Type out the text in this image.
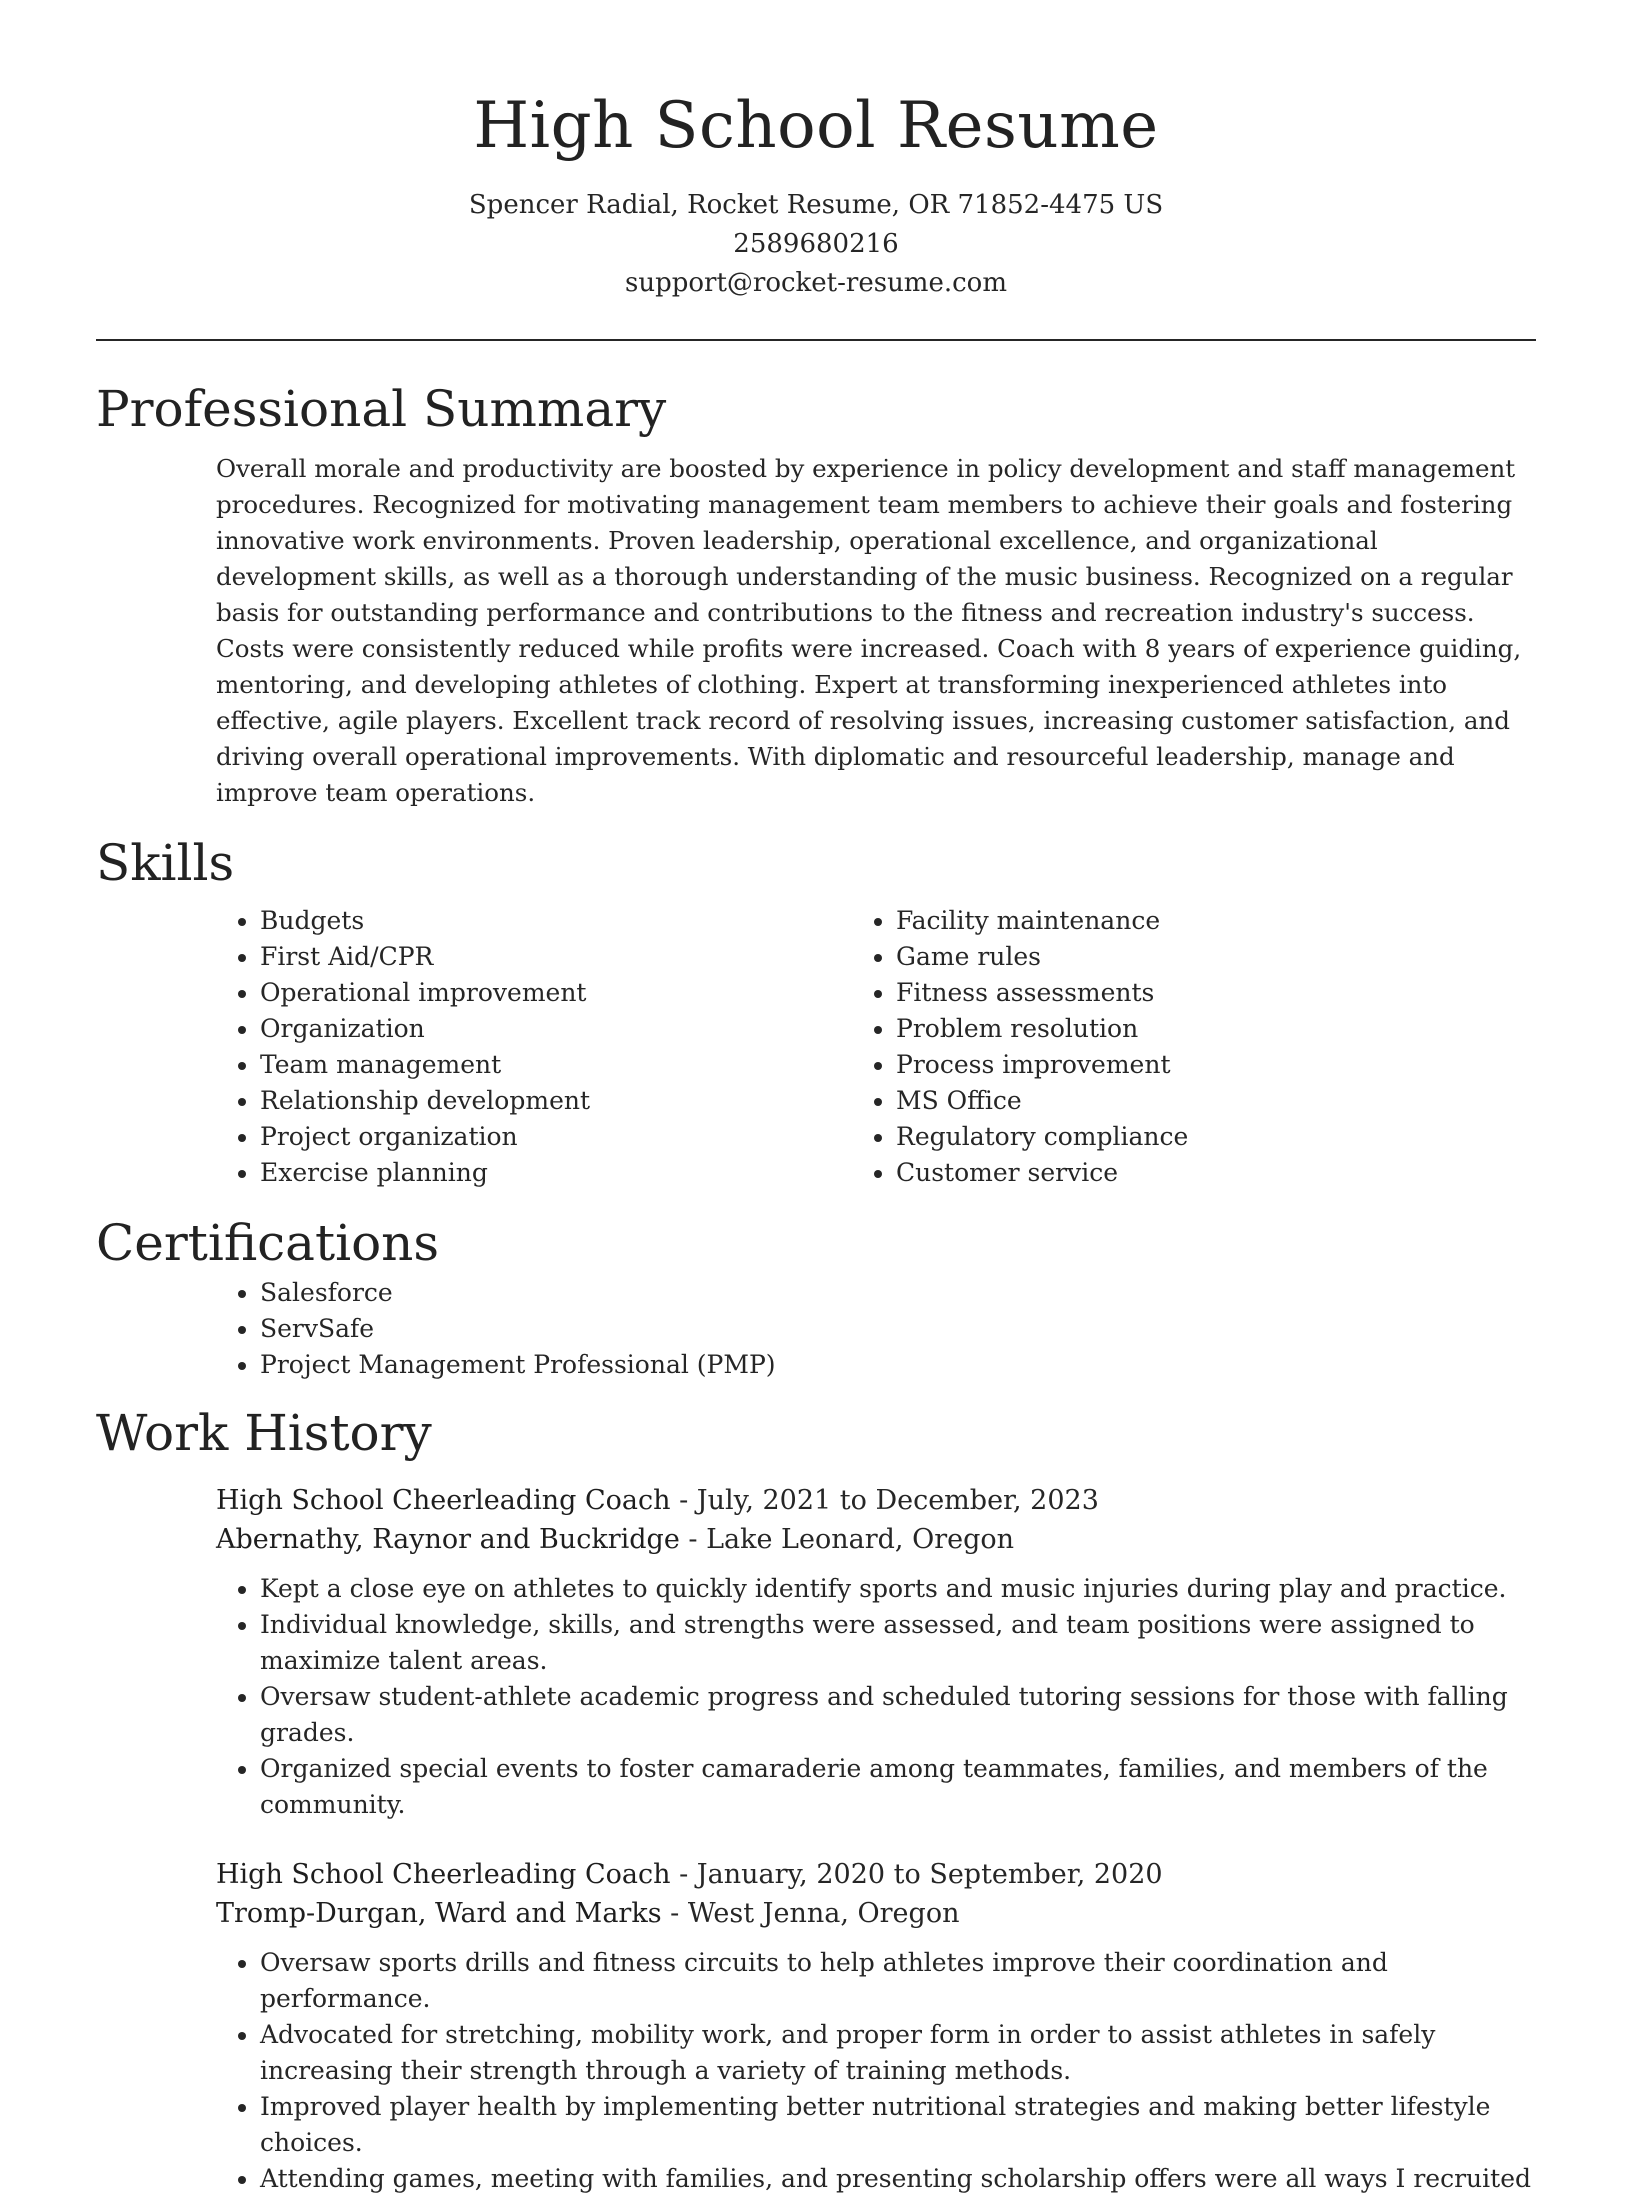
High School Resume
Spencer Radial, Rocket Resume, OR 71852-4475 US
2589680216
support@rocket-resume.com
Professional Summary

Overall morale and productivity are boosted by experience in policy development and staff management procedures. Recognized for motivating management team members to achieve their goals and fostering innovative work environments. Proven leadership, operational excellence, and organizational development skills, as well as a thorough understanding of the music business. Recognized on a regular basis for outstanding performance and contributions to the fitness and recreation industry's success. Costs were consistently reduced while profits were increased. Coach with 8 years of experience guiding, mentoring, and developing athletes of clothing. Expert at transforming inexperienced athletes into effective, agile players. Excellent track record of resolving issues, increasing customer satisfaction, and driving overall operational improvements. With diplomatic and resourceful leadership, manage and improve team operations.

Skills
• Budgets
• First Aid/CPR
• Operational improvement
• Organization
• Team management
• Relationship development
• Project organization
• Exercise planning
• Facility maintenance
• Game rules
• Fitness assessments
• Problem resolution
• Process improvement
• MS Office
• Regulatory compliance
• Customer service
Certifications
• Salesforce
• ServSafe
• Project Management Professional (PMP)
Work History
High School Cheerleading Coach - July, 2021 to December, 2023
Abernathy, Raynor and Buckridge - Lake Leonard, Oregon
• Kept a close eye on athletes to quickly identify sports and music injuries during play and practice.
• Individual knowledge, skills, and strengths were assessed, and team positions were assigned to maximize talent areas.
• Oversaw student-athlete academic progress and scheduled tutoring sessions for those with falling grades.
• Organized special events to foster camaraderie among teammates, families, and members of the community.
High School Cheerleading Coach - January, 2020 to September, 2020
Tromp-Durgan, Ward and Marks - West Jenna, Oregon
• Oversaw sports drills and fitness circuits to help athletes improve their coordination and performance.
• Advocated for stretching, mobility work, and proper form in order to assist athletes in safely increasing their strength through a variety of training methods.
• Improved player health by implementing better nutritional strategies and making better lifestyle choices.
• Attending games, meeting with families, and presenting scholarship offers were all ways I recruited
